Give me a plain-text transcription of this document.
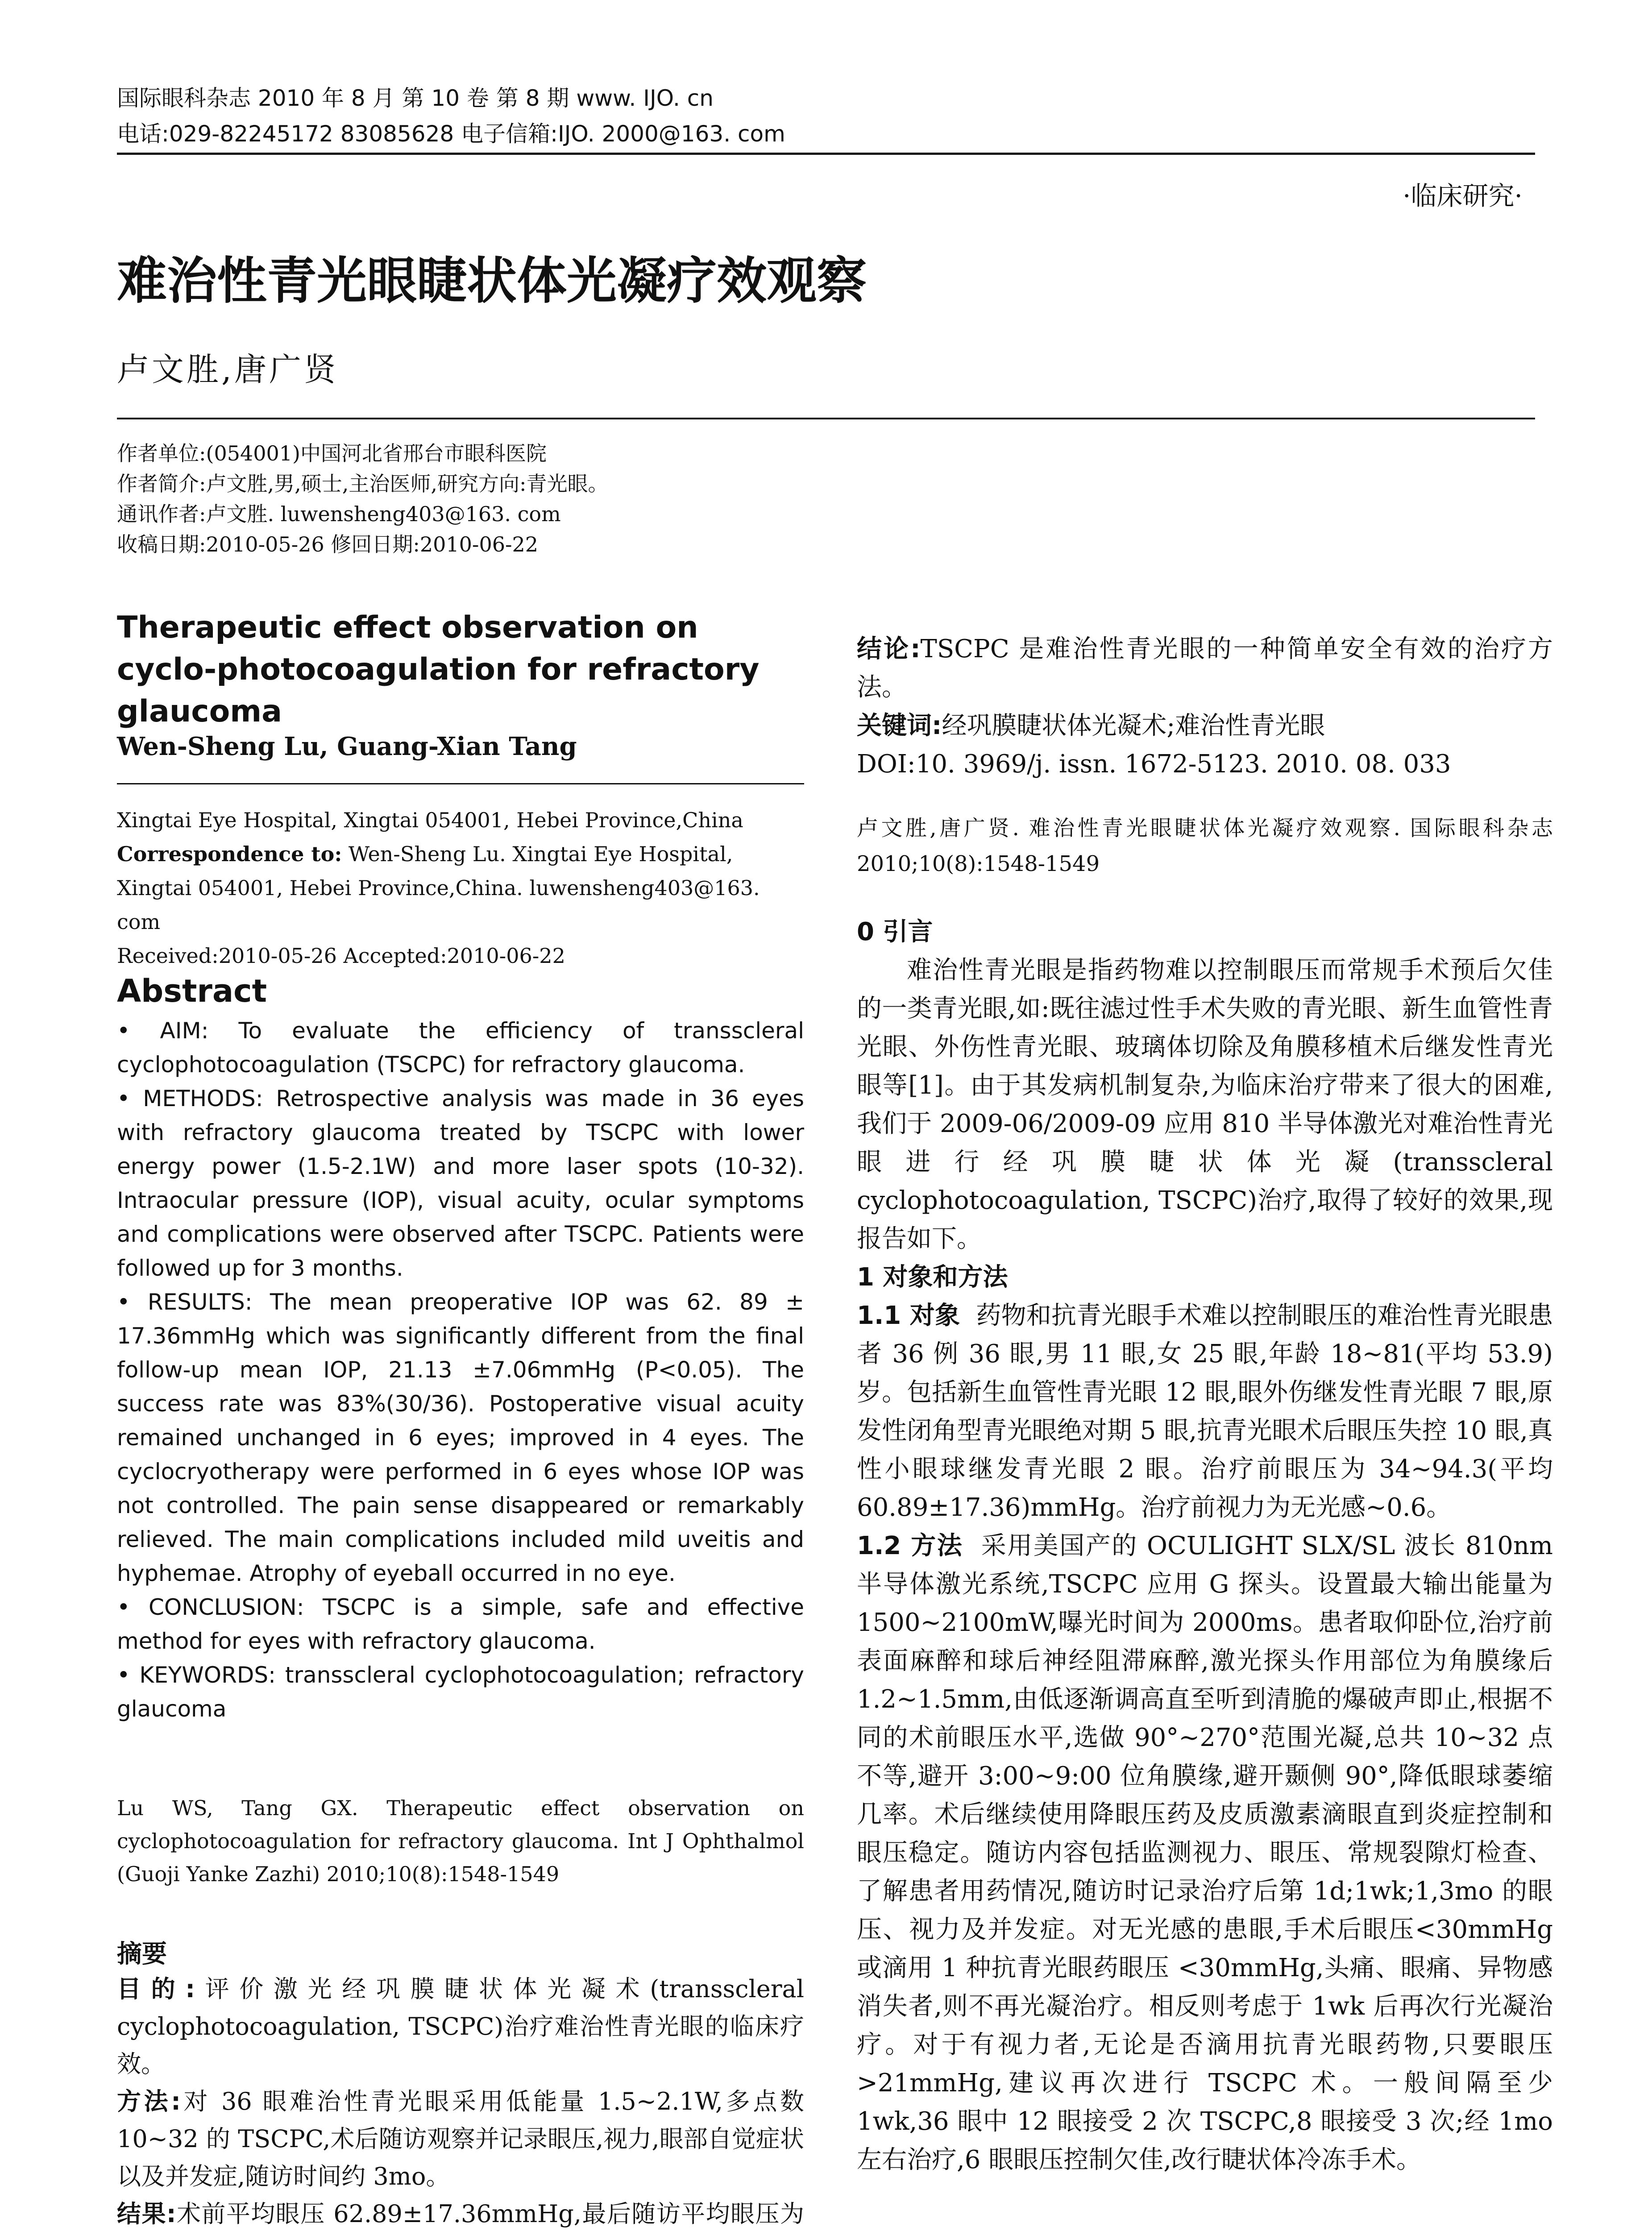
国际眼科杂志 2010 年 8 月 第 10 卷 第 8 期 www. IJO. cn
电话:029-82245172 83085628 电子信箱:IJO. 2000@163. com
·临床研究·
难治性青光眼睫状体光凝疗效观察
卢文胜,唐广贤
作者单位:(054001)中国河北省邢台市眼科医院
作者简介:卢文胜,男,硕士,主治医师,研究方向:青光眼。
通讯作者:卢文胜. luwensheng403@163. com
收稿日期:2010-05-26 修回日期:2010-06-22
Therapeutic effect observation on cyclo-photocoagulation for refractory glaucoma
Wen-Sheng Lu, Guang-Xian Tang
Xingtai Eye Hospital, Xingtai 054001, Hebei Province,China
Correspondence to: Wen-Sheng Lu. Xingtai Eye Hospital, Xingtai 054001, Hebei Province,China. luwensheng403@163. com
Received:2010-05-26 Accepted:2010-06-22
Abstract

• AIM: To evaluate the efficiency of transscleral cyclophotocoagulation (TSCPC) for refractory glaucoma.

• METHODS: Retrospective analysis was made in 36 eyes with refractory glaucoma treated by TSCPC with lower energy power (1.5-2.1W) and more laser spots (10-32). Intraocular pressure (IOP), visual acuity, ocular symptoms and complications were observed after TSCPC. Patients were followed up for 3 months.

• RESULTS: The mean preoperative IOP was 62. 89 ± 17.36mmHg which was significantly different from the final follow-up mean IOP, 21.13 ±7.06mmHg (P<0.05). The success rate was 83%(30/36). Postoperative visual acuity remained unchanged in 6 eyes; improved in 4 eyes. The cyclocryotherapy were performed in 6 eyes whose IOP was not controlled. The pain sense disappeared or remarkably relieved. The main complications included mild uveitis and hyphemae. Atrophy of eyeball occurred in no eye.

• CONCLUSION: TSCPC is a simple, safe and effective method for eyes with refractory glaucoma.

• KEYWORDS: transscleral cyclophotocoagulation; refractory glaucoma

Lu WS, Tang GX. Therapeutic effect observation on cyclophotocoagulation for refractory glaucoma. Int J Ophthalmol (Guoji Yanke Zazhi) 2010;10(8):1548-1549
摘要

目的:评价激光经巩膜睫状体光凝术(transscleral cyclophotocoagulation, TSCPC)治疗难治性青光眼的临床疗效。

方法:对 36 眼难治性青光眼采用低能量 1.5~2.1W,多点数 10~32 的 TSCPC,术后随访观察并记录眼压,视力,眼部自觉症状以及并发症,随访时间约 3mo。

结果:术前平均眼压 62.89±17.36mmHg,最后随访平均眼压为

结论:TSCPC 是难治性青光眼的一种简单安全有效的治疗方法。

关键词:经巩膜睫状体光凝术;难治性青光眼

DOI:10. 3969/j. issn. 1672-5123. 2010. 08. 033

卢文胜,唐广贤. 难治性青光眼睫状体光凝疗效观察. 国际眼科杂志 2010;10(8):1548-1549

0 引言

难治性青光眼是指药物难以控制眼压而常规手术预后欠佳的一类青光眼,如:既往滤过性手术失败的青光眼、新生血管性青光眼、外伤性青光眼、玻璃体切除及角膜移植术后继发性青光眼等[1]。由于其发病机制复杂,为临床治疗带来了很大的困难,我们于 2009-06/2009-09 应用 810 半导体激光对难治性青光眼进行经巩膜睫状体光凝(transscleral cyclophotocoagulation, TSCPC)治疗,取得了较好的效果,现报告如下。

1 对象和方法

1.1 对象 药物和抗青光眼手术难以控制眼压的难治性青光眼患者 36 例 36 眼,男 11 眼,女 25 眼,年龄 18~81(平均 53.9)岁。包括新生血管性青光眼 12 眼,眼外伤继发性青光眼 7 眼,原发性闭角型青光眼绝对期 5 眼,抗青光眼术后眼压失控 10 眼,真性小眼球继发青光眼 2 眼。治疗前眼压为 34~94.3(平均 60.89±17.36)mmHg。治疗前视力为无光感~0.6。

1.2 方法 采用美国产的 OCULIGHT SLX/SL 波长 810nm 半导体激光系统,TSCPC 应用 G 探头。设置最大输出能量为 1500~2100mW,曝光时间为 2000ms。患者取仰卧位,治疗前表面麻醉和球后神经阻滞麻醉,激光探头作用部位为角膜缘后 1.2~1.5mm,由低逐渐调高直至听到清脆的爆破声即止,根据不同的术前眼压水平,选做 90°~270°范围光凝,总共 10~32 点不等,避开 3:00~9:00 位角膜缘,避开颞侧 90°,降低眼球萎缩几率。术后继续使用降眼压药及皮质激素滴眼直到炎症控制和眼压稳定。随访内容包括监测视力、眼压、常规裂隙灯检查、了解患者用药情况,随访时记录治疗后第 1d;1wk;1,3mo 的眼压、视力及并发症。对无光感的患眼,手术后眼压<30mmHg 或滴用 1 种抗青光眼药眼压 <30mmHg,头痛、眼痛、异物感消失者,则不再光凝治疗。相反则考虑于 1wk 后再次行光凝治疗。对于有视力者,无论是否滴用抗青光眼药物,只要眼压>21mmHg,建议再次进行 TSCPC 术。一般间隔至少 1wk,36 眼中 12 眼接受 2 次 TSCPC,8 眼接受 3 次;经 1mo 左右治疗,6 眼眼压控制欠佳,改行睫状体冷冻手术。
